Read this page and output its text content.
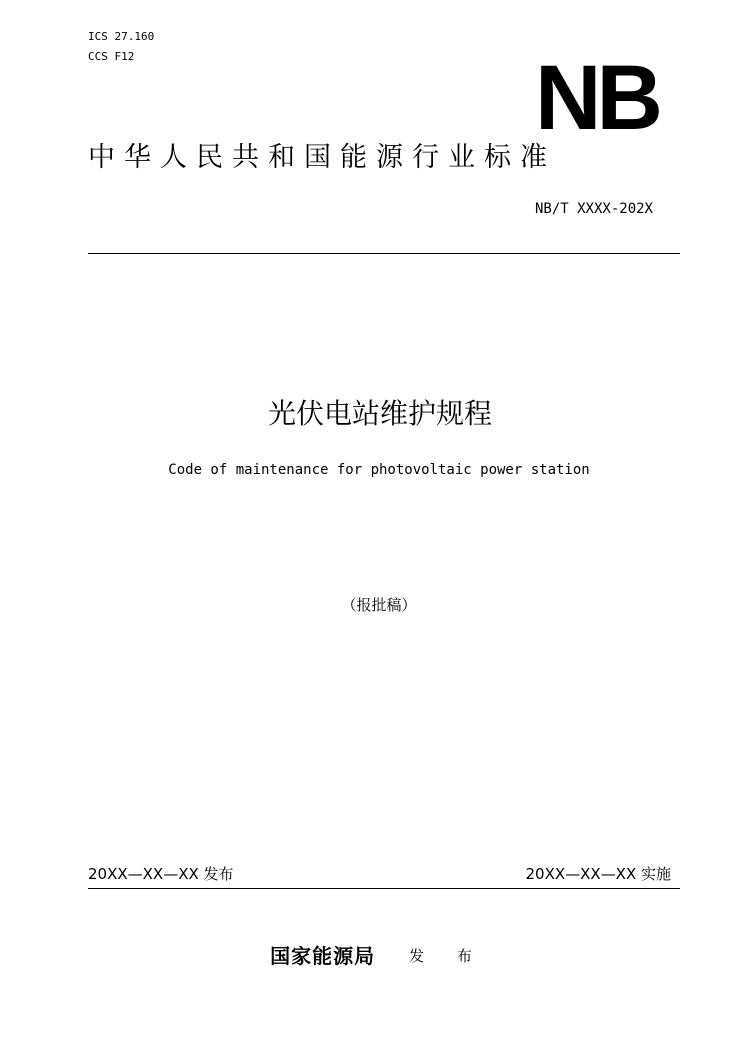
ICS 27.160
CCS F12	NB
中华人民共和国能源行业标准
NB/T XXXX-202X
光伏电站维护规程
Code of maintenance for photovoltaic power station
（报批稿）
20XX—XX—XX 发布	20XX—XX—XX 实施
国家能源局 发 布
